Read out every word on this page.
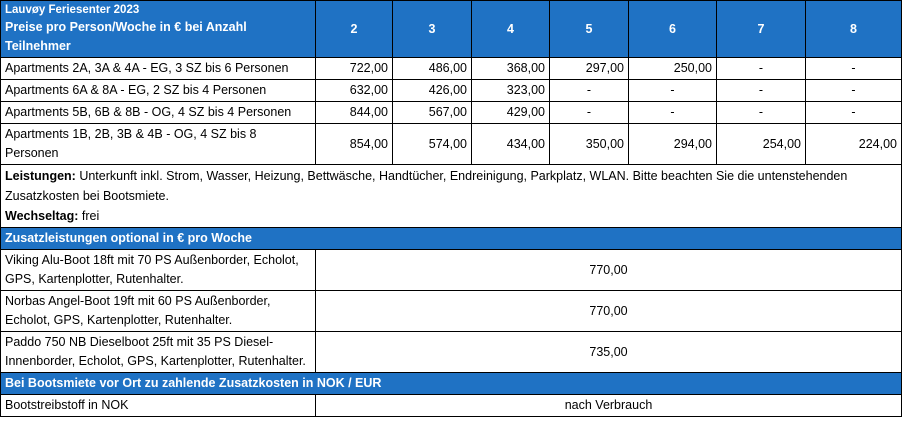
Lauvøy Feriesenter 2023
Preise pro Person/Woche in € bei Anzahl Teilnehmer	2	3	4	5	6	7	8
Apartments 2A, 3A & 4A - EG, 3 SZ bis 6 Personen	722,00	486,00	368,00	297,00	250,00	-	-
Apartments 6A & 8A - EG, 2 SZ bis 4 Personen	632,00	426,00	323,00	-	-	-	-
Apartments 5B, 6B & 8B - OG, 4 SZ bis 4 Personen	844,00	567,00	429,00	-	-	-	-
Apartments 1B, 2B, 3B & 4B - OG, 4 SZ bis 8 Personen	854,00	574,00	434,00	350,00	294,00	254,00	224,00

Leistungen: Unterkunft inkl. Strom, Wasser, Heizung, Bettwäsche, Handtücher, Endreinigung, Parkplatz, WLAN. Bitte beachten Sie die untenstehenden Zusatzkosten bei Bootsmiete.
Wechseltag: frei							

Zusatzleistungen optional in € pro Woche							
Viking Alu-Boot 18ft mit 70 PS Außenborder, Echolot, GPS, Kartenplotter, Rutenhalter.	770,00						
Norbas Angel-Boot 19ft mit 60 PS Außenborder, Echolot, GPS, Kartenplotter, Rutenhalter.	770,00						
Paddo 750 NB Dieselboot 25ft mit 35 PS Diesel-Innenborder, Echolot, GPS, Kartenplotter, Rutenhalter.	735,00						
Bei Bootsmiete vor Ort zu zahlende Zusatzkosten in NOK / EUR							
Bootstreibstoff in NOK	nach Verbrauch						
